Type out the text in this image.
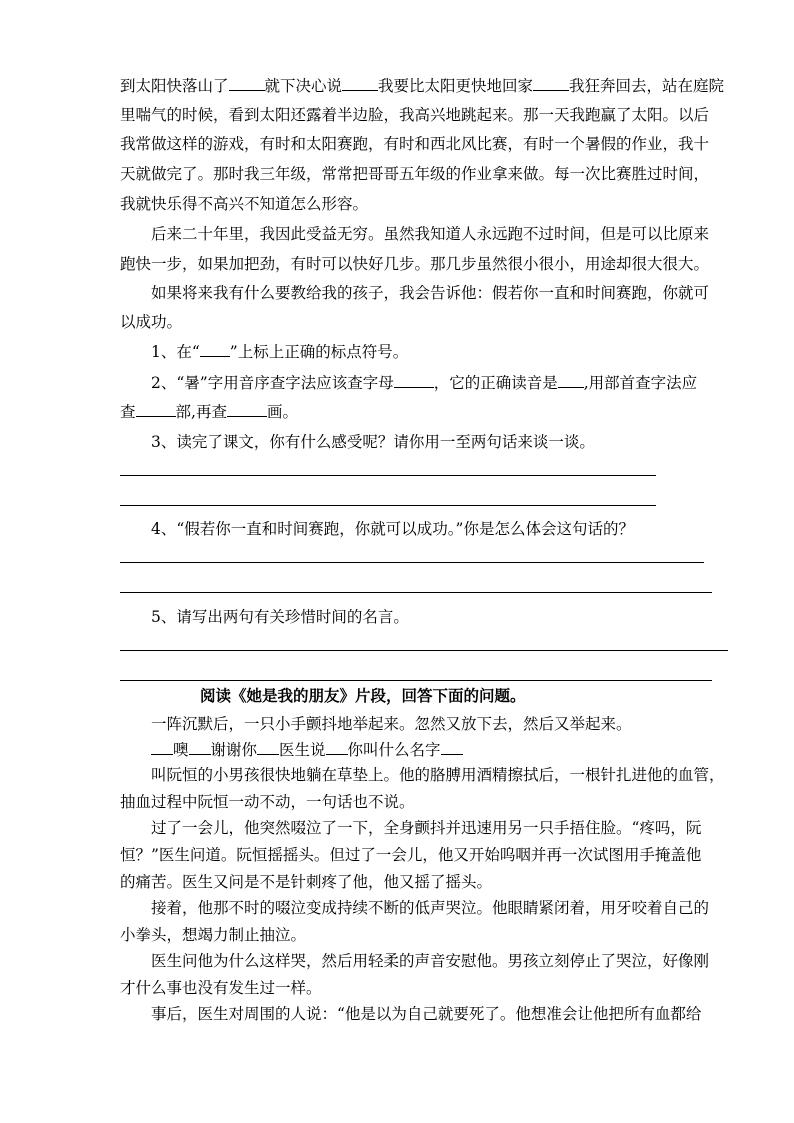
到太阳快落山了 就下决心说 我要比太阳更快地回家 我狂奔回去，站在庭院
里喘气的时候，看到太阳还露着半边脸，我高兴地跳起来。那一天我跑赢了太阳。以后
我常做这样的游戏，有时和太阳赛跑，有时和西北风比赛，有时一个暑假的作业，我十
天就做完了。那时我三年级，常常把哥哥五年级的作业拿来做。每一次比赛胜过时间，
我就快乐得不高兴不知道怎么形容。
后来二十年里，我因此受益无穷。虽然我知道人永远跑不过时间，但是可以比原来
跑快一步，如果加把劲，有时可以快好几步。那几步虽然很小很小，用途却很大很大。
如果将来我有什么要教给我的孩子，我会告诉他：假若你一直和时间赛跑，你就可
以成功。
1、在“ ”上标上正确的标点符号。
2、“暑”字用音序查字法应该查字母	，它的正确读音是 ,用部首查字法应
查	部,再查	画。
3、读完了课文，你有什么感受呢？请你用一至两句话来谈一谈。
4、“假若你一直和时间赛跑，你就可以成功。”你是怎么体会这句话的？
5、请写出两句有关珍惜时间的名言。
阅读《她是我的朋友》片段，回答下面的问题。
一阵沉默后，一只小手颤抖地举起来。忽然又放下去，然后又举起来。
噢 谢谢你 医生说 你叫什么名字
叫阮恒的小男孩很快地躺在草垫上。他的胳膊用酒精擦拭后，一根针扎进他的血管，
抽血过程中阮恒一动不动，一句话也不说。
过了一会儿，他突然啜泣了一下，全身颤抖并迅速用另一只手捂住脸。“疼吗，阮
恒？”医生问道。阮恒摇摇头。但过了一会儿，他又开始呜咽并再一次试图用手掩盖他
的痛苦。医生又问是不是针刺疼了他，他又摇了摇头。
接着，他那不时的啜泣变成持续不断的低声哭泣。他眼睛紧闭着，用牙咬着自己的
小拳头，想竭力制止抽泣。
医生问他为什么这样哭，然后用轻柔的声音安慰他。男孩立刻停止了哭泣，好像刚
才什么事也没有发生过一样。
事后，医生对周围的人说：“他是以为自己就要死了。他想准会让他把所有血都给
